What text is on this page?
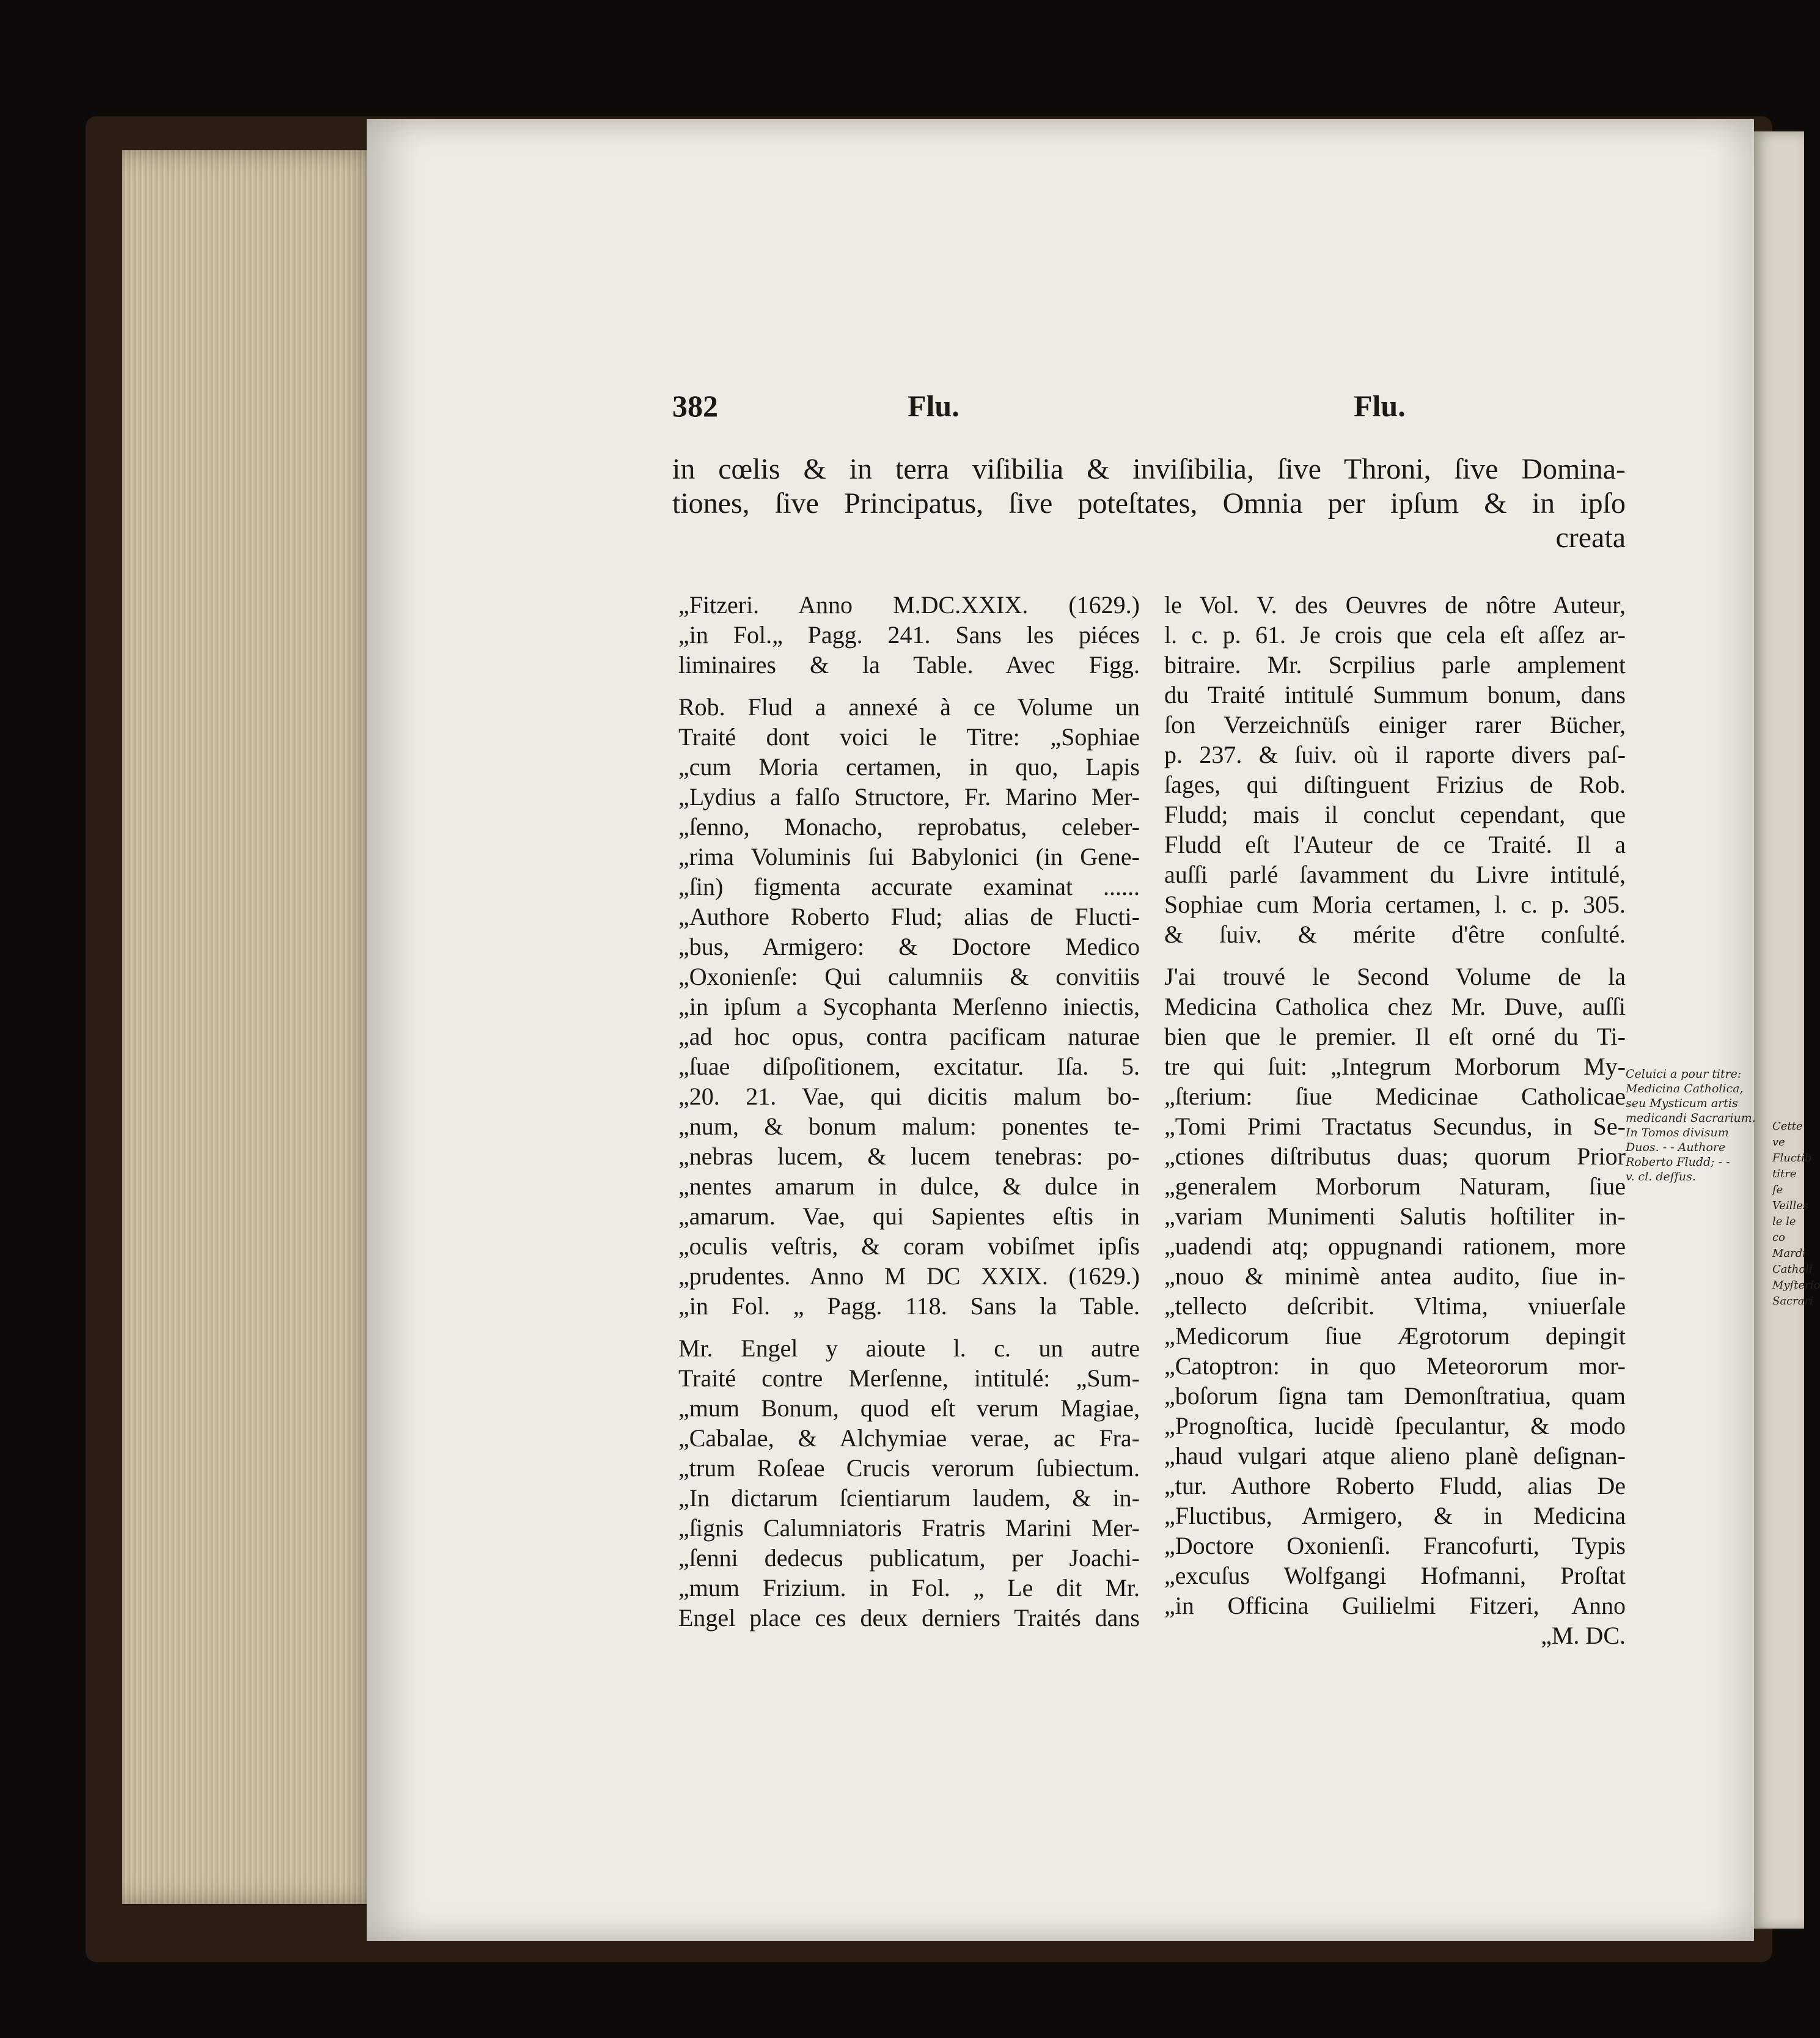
Cette ve
Fluctib
titre ſe
Veilles
le le co
Mardi
Catholi
Myſterio
Sacrari
382	Flu.	Flu.
in cœlis & in terra viſibilia & inviſibilia, ſive Throni, ſive Domina-
tiones, ſive Principatus, ſive poteſtates, Omnia per ipſum & in ipſo
creata
„Fitzeri. Anno M.DC.XXIX. (1629.)
„in Fol.„ Pagg. 241. Sans les piéces
liminaires & la Table. Avec Figg.
Rob. Flud a annexé à ce Volume un
Traité dont voici le Titre: „Sophiae
„cum Moria certamen, in quo, Lapis
„Lydius a falſo Structore, Fr. Marino Mer-
„ſenno, Monacho, reprobatus, celeber-
„rima Voluminis ſui Babylonici (in Gene-
„ſin) figmenta accurate examinat ......
„Authore Roberto Flud; alias de Flucti-
„bus, Armigero: & Doctore Medico
„Oxonienſe: Qui calumniis & convitiis
„in ipſum a Sycophanta Merſenno iniectis,
„ad hoc opus, contra pacificam naturae
„ſuae diſpoſitionem, excitatur. Iſa. 5.
„20. 21. Vae, qui dicitis malum bo-
„num, & bonum malum: ponentes te-
„nebras lucem, & lucem tenebras: po-
„nentes amarum in dulce, & dulce in
„amarum. Vae, qui Sapientes eſtis in
„oculis veſtris, & coram vobiſmet ipſis
„prudentes. Anno M DC XXIX. (1629.)
„in Fol. „ Pagg. 118. Sans la Table.
Mr. Engel y aioute l. c. un autre
Traité contre Merſenne, intitulé: „Sum-
„mum Bonum, quod eſt verum Magiae,
„Cabalae, & Alchymiae verae, ac Fra-
„trum Roſeae Crucis verorum ſubiectum.
„In dictarum ſcientiarum laudem, & in-
„ſignis Calumniatoris Fratris Marini Mer-
„ſenni dedecus publicatum, per Joachi-
„mum Frizium. in Fol. „ Le dit Mr.
Engel place ces deux derniers Traités dans
le Vol. V. des Oeuvres de nôtre Auteur,
l. c. p. 61. Je crois que cela eſt aſſez ar-
bitraire. Mr. Scrpilius parle amplement
du Traité intitulé Summum bonum, dans
ſon Verzeichnüſs einiger rarer Bücher,
p. 237. & ſuiv. où il raporte divers paſ-
ſages, qui diſtinguent Frizius de Rob.
Fludd; mais il conclut cependant, que
Fludd eſt l'Auteur de ce Traité. Il a
auſſi parlé ſavamment du Livre intitulé,
Sophiae cum Moria certamen, l. c. p. 305.
& ſuiv. & mérite d'être conſulté.
J'ai trouvé le Second Volume de la
Medicina Catholica chez Mr. Duve, auſſi
bien que le premier. Il eſt orné du Ti-
tre qui ſuit: „Integrum Morborum My-
„ſterium: ſiue Medicinae Catholicae
„Tomi Primi Tractatus Secundus, in Se-
„ctiones diſtributus duas; quorum Prior
„generalem Morborum Naturam, ſiue
„variam Munimenti Salutis hoſtiliter in-
„uadendi atq; oppugnandi rationem, more
„nouo & minimè antea audito, ſiue in-
„tellecto deſcribit. Vltima, vniuerſale
„Medicorum ſiue Ægrotorum depingit
„Catoptron: in quo Meteororum mor-
„boſorum ſigna tam Demonſtratiua, quam
„Prognoſtica, lucidè ſpeculantur, & modo
„haud vulgari atque alieno planè deſignan-
„tur. Authore Roberto Fludd, alias De
„Fluctibus, Armigero, & in Medicina
„Doctore Oxonienſi. Francofurti, Typis
„excuſus Wolfgangi Hofmanni, Proſtat
„in Officina Guilielmi Fitzeri, Anno
„M. DC.
Celuici a pour titre:
Medicina Catholica,
seu Mysticum artis
medicandi Sacrarium.
In Tomos divisum
Duos. - - Authore
Roberto Fludd; - -
v. cl. deſſus.
